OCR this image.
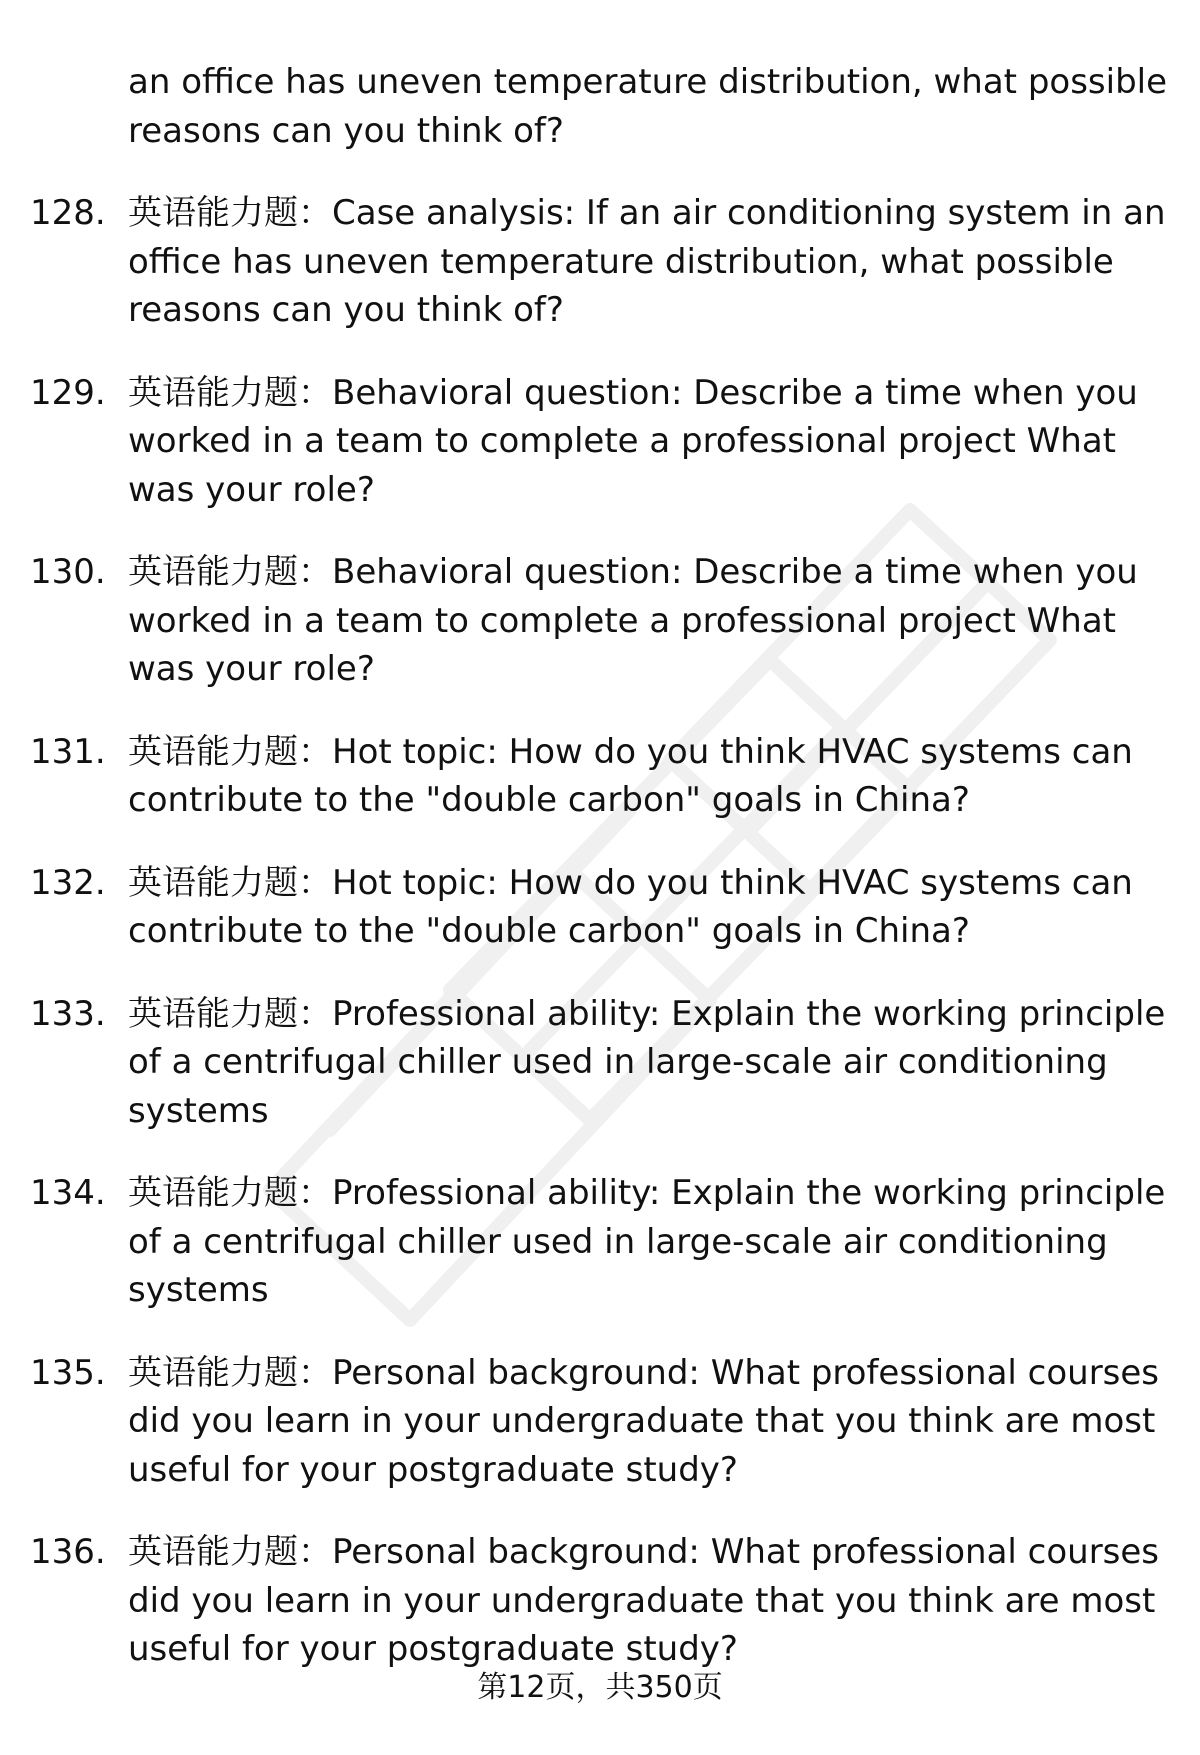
an office has uneven temperature distribution, what possible reasons can you think of?
128. 英语能力题：Case analysis: If an air conditioning system in an office has uneven temperature distribution, what possible reasons can you think of?
129. 英语能力题：Behavioral question: Describe a time when you worked in a team to complete a professional project What was your role?
130. 英语能力题：Behavioral question: Describe a time when you worked in a team to complete a professional project What was your role?
131. 英语能力题：Hot topic: How do you think HVAC systems can contribute to the "double carbon" goals in China?
132. 英语能力题：Hot topic: How do you think HVAC systems can contribute to the "double carbon" goals in China?
133. 英语能力题：Professional ability: Explain the working principle of a centrifugal chiller used in large-scale air conditioning systems
134. 英语能力题：Professional ability: Explain the working principle of a centrifugal chiller used in large-scale air conditioning systems
135. 英语能力题：Personal background: What professional courses did you learn in your undergraduate that you think are most useful for your postgraduate study?
136. 英语能力题：Personal background: What professional courses did you learn in your undergraduate that you think are most useful for your postgraduate study?
第12页，共350页
